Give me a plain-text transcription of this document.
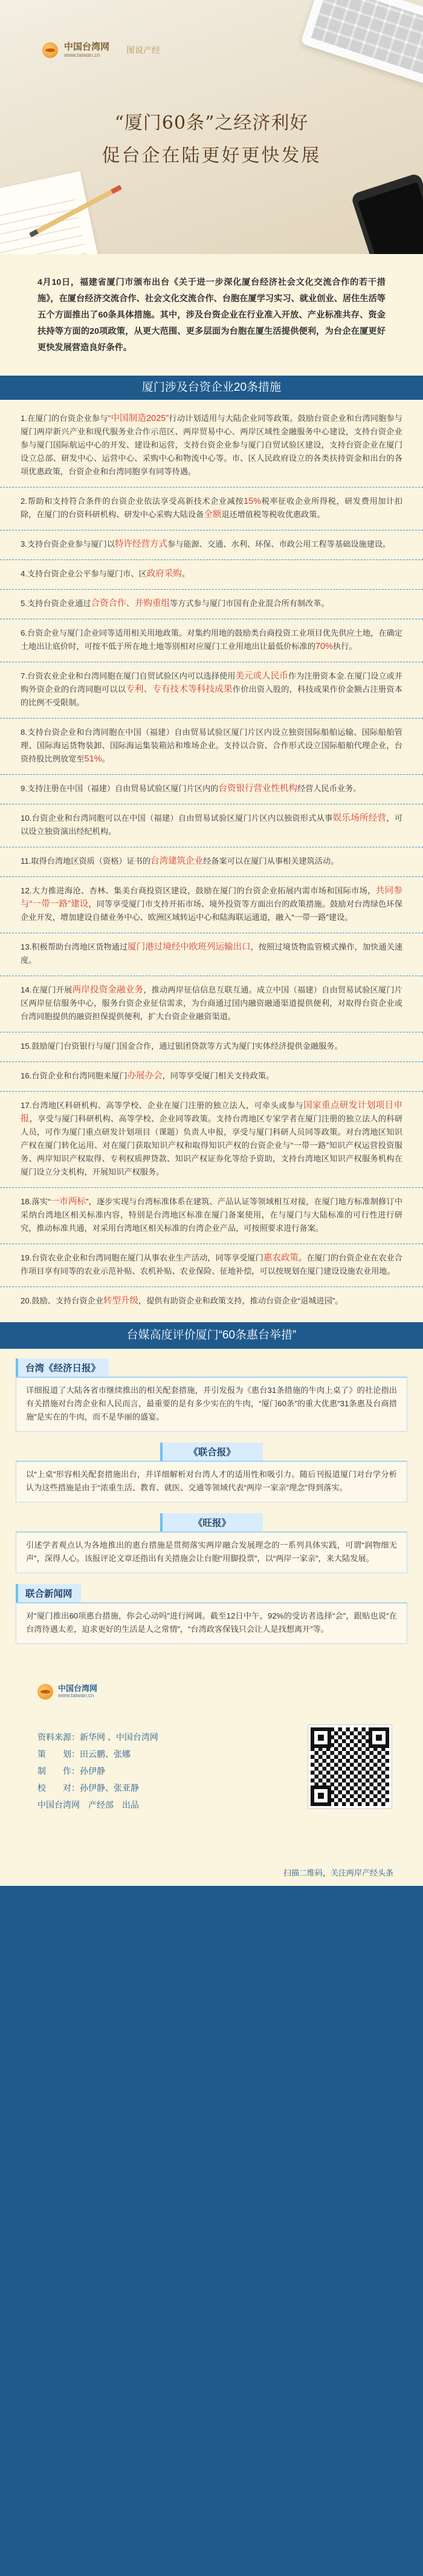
中国台湾网
www.taiwan.cn	图说产经
“厦门60条”之经济利好
促台企在陆更好更快发展

4月10日，福建省厦门市颁布出台《关于进一步深化厦台经济社会文化交流合作的若干措施》，在厦台经济交流合作、社会文化交流合作、台胞在厦学习实习、就业创业、居住生活等五个方面推出了60条具体措施。其中，涉及台资企业在行业准入开放、产业标准共存、资金扶持等方面的20项政策，从更大范围、更多层面为台胞在厦生活提供便利，为台企在厦更好更快发展营造良好条件。

厦门涉及台资企业20条措施

1.在厦门的台资企业参与“中国制造2025”行动计划适用与大陆企业同等政策。鼓励台资企业和台湾同胞参与厦门两岸新兴产业和现代服务业合作示范区、两岸贸易中心、两岸区域性金融服务中心建设，支持台资企业参与厦门国际航运中心的开发、建设和运营，支持台资企业参与厦门自贸试验区建设，支持台资企业在厦门设立总部、研发中心、运营中心、采购中心和物流中心等。市、区人民政府设立的各类扶持资金和出台的各项优惠政策，台资企业和台湾同胞享有同等待遇。

2.帮助和支持符合条件的台资企业依法享受高新技术企业减按15%税率征收企业所得税，研发费用加计扣除，在厦门的台资科研机构、研发中心采购大陆设备全额退还增值税等税收优惠政策。

3.支持台资企业参与厦门以特许经营方式参与能源、交通、水利、环保、市政公用工程等基础设施建设。

4.支持台资企业公平参与厦门市、区政府采购。

5.支持台资企业通过合资合作、并购重组等方式参与厦门市国有企业混合所有制改革。

6.台资企业与厦门企业同等适用相关用地政策。对集约用地的鼓励类台商投资工业项目优先供应土地，在确定土地出让底价时，可按不低于所在地土地等别相对应厦门工业用地出让最低价标准的70%执行。

7.台资农业企业和台湾同胞在厦门自贸试验区内可以选择使用美元或人民币作为注册资本金.在厦门设立或并购外资企业的台湾同胞可以以专利、专有技术等科技成果作价出资入股的，科技成果作价金额占注册资本的比例不受限制。

8.支持台资企业和台湾同胞在中国（福建）自由贸易试验区厦门片区内设立独资国际船舶运输、国际船舶管理、国际海运货物装卸、国际海运集装箱站和堆场企业。支持以合资、合作形式设立国际船舶代理企业，台资持股比例放宽至51%。

9.支持注册在中国（福建）自由贸易试验区厦门片区内的台资银行营业性机构经营人民币业务。

10.台资企业和台湾同胞可以在中国（福建）自由贸易试验区厦门片区内以独资形式从事娱乐场所经营，可以设立独资演出经纪机构。

11.取得台湾地区资质（资格）证书的台湾建筑企业经备案可以在厦门从事相关建筑活动。

12.大力推进海沧、杏林、集美台商投资区建设，鼓励在厦门的台资企业拓展内需市场和国际市场，共同参与“一带一路”建设，同等享受厦门市支持开拓市场、境外投资等方面出台的政策措施。鼓励对台湾绿色环保企业开发，增加建设自储业务中心、欧洲区域转运中心和陆海联运通道，融入“一带一路”建设。

13.积极帮助台湾地区货物通过厦门港过境经中欧班列运输出口，按照过境货物监管模式操作，加快通关速度。

14.在厦门开展两岸投资金融业务，推动两岸征信信息互联互通。成立中国（福建）自由贸易试验区厦门片区两岸征信服务中心，服务台资企业征信需求，为台商通过国内融资融通渠道提供便利，对取得台资企业或台湾同胞提供的融资担保提供便利，扩大台资企业融资渠道。

15.鼓励厦门台资银行与厦门国金合作，通过银团贷款等方式为厦门实体经济提供金融服务。

16.台资企业和台湾同胞来厦门办展办会，同等享受厦门相关支持政策。

17.台湾地区科研机构、高等学校、企业在厦门注册的独立法人，可牵头或参与国家重点研发计划项目申报，享受与厦门科研机构、高等学校、企业同等政策。支持台湾地区专家学者在厦门注册的独立法人的科研人员，可作为厦门重点研发计划项目（课题）负责人申报，享受与厦门科研人员同等政策。对台湾地区知识产权在厦门转化运用、对在厦门获取知识产权和取得知识产权的台资企业与“一带一路”知识产权运营投资服务、两岸知识产权取得、专利权质押贷款、知识产权证券化等给予资助，支持台湾地区知识产权服务机构在厦门设立分支机构，开展知识产权服务。

18.落实“一市两标”，逐步实现与台湾标准体系在建筑、产品认证等领域相互对接，在厦门地方标准制修订中采纳台湾地区相关标准内容，特别是台湾地区标准在厦门备案使用，在与厦门与大陆标准的可行性进行研究，推动标准共通，对采用台湾地区相关标准的台湾企业产品，可按照要求进行备案。

19.台资农业企业和台湾同胞在厦门从事农业生产活动，同等享受厦门惠农政策。在厦门的台资企业在农业合作项目享有同等的农业示范补贴、农机补贴、农业保险、征地补偿，可以按规划在厦门建设设施农业用地。

20.鼓励、支持台资企业转型升级，提供有助资企业和政策支持，推动台资企业“退城进园”。

台媒高度评价厦门“60条惠台举措”
台湾《经济日报》
详细报道了大陆各省市继续推出的相关配套措施，并引发报为《惠台31条措施的牛肉上桌了》的社论指出有关措施对台湾企业和人民而言，最重要的是有多少实在的牛肉，“厦门60条”的重大优惠“31条惠及台商措施”是实在的牛肉，而不是华丽的盛宴。
《联合报》
以“上桌”形容相关配套措施出台，并详细解析对台湾人才的适用性和吸引力。随后刊报道厦门对台学分析认为这些措施是由于“浓重生活、教育、就医、交通等领域代表“两岸一家亲”理念”得到落实。
《旺报》
引述学者观点认为各地推出的惠台措施是贯彻落实两岸融合发展理念的一系列具体实践，可谓“润物细无声”，深得人心。该报评论文章还指出有关措施会让台胞“用脚投票”，以“两岸一家亲”，来大陆发展。
联合新闻网
对“厦门推出60项惠台措施，你会心动吗”进行网调。截至12日中午，92%的受访者选择“会”，跟贴也说“在台湾待遇太差，迫求更好的生活是人之常情”，“台湾政客保钱只会让人是找想离开”等。
中国台湾网
www.taiwan.cn
资料来源：新华网 、中国台湾网
策　　划：田云鹏、张娜
制　　作：孙伊静
校　　对：孙伊静、张亚静
中国台湾网　产经部　出品
扫描二维码，关注两岸产经头条
